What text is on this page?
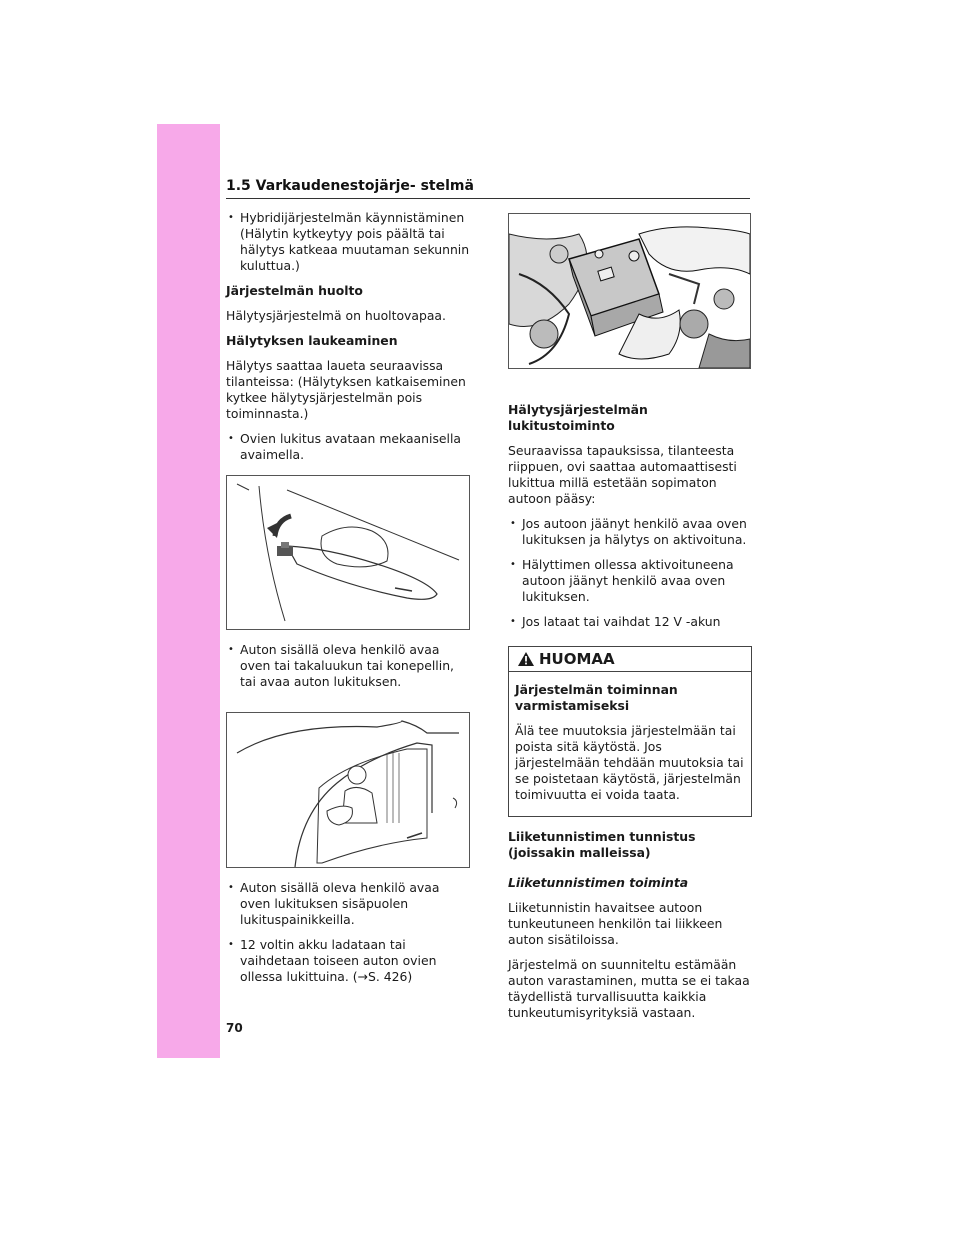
1.5 Varkaudenestojärje- stelmä
• Hybridijärjestelmän käynnistäminen (Hälytin kytkeytyy pois päältä tai hälytys katkeaa muutaman sekunnin kuluttua.)
Järjestelmän huolto

Hälytysjärjestelmä on huoltovapaa.

Hälytyksen laukeaminen

Hälytys saattaa laueta seuraavissa tilanteissa: (Hälytyksen katkaiseminen kytkee hälytysjärjestelmän pois toiminnasta.)

• Ovien lukitus avataan mekaanisella avaimella.
• Auton sisällä oleva henkilö avaa oven tai takaluukun tai konepellin, tai avaa auton lukituksen.
• Auton sisällä oleva henkilö avaa oven lukituksen sisäpuolen lukituspainikkeilla.
• 12 voltin akku ladataan tai vaihdetaan toiseen auton ovien ollessa lukittuina. (→S. 426)
Hälytysjärjestelmän lukitustoiminto

Seuraavissa tapauksissa, tilanteesta riippuen, ovi saattaa automaattisesti lukittua millä estetään sopimaton autoon pääsy:

• Jos autoon jäänyt henkilö avaa oven lukituksen ja hälytys on aktivoituna.
• Hälyttimen ollessa aktivoituneena autoon jäänyt henkilö avaa oven lukituksen.
• Jos lataat tai vaihdat 12 V -akun
HUOMAA
Järjestelmän toiminnan varmistamiseksi

Älä tee muutoksia järjestelmään tai poista sitä käytöstä. Jos järjestelmään tehdään muutoksia tai se poistetaan käytöstä, järjestelmän toimivuutta ei voida taata.

Liiketunnistimen tunnistus (joissakin malleissa)
Liiketunnistimen toiminta

Liiketunnistin havaitsee autoon tunkeutuneen henkilön tai liikkeen auton sisätiloissa.

Järjestelmä on suunniteltu estämään auton varastaminen, mutta se ei takaa täydellistä turvallisuutta kaikkia tunkeutumisyrityksiä vastaan.

70
